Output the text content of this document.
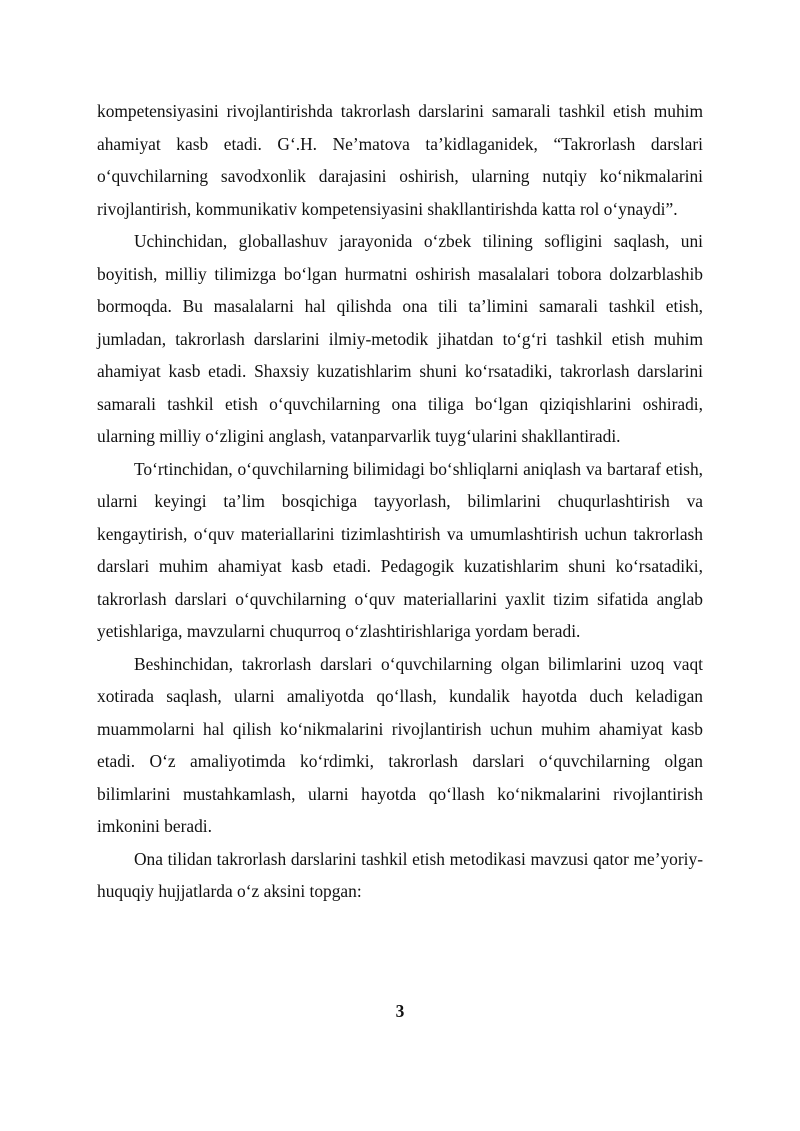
kompetensiyasini rivojlantirishda takrorlash darslarini samarali tashkil etish muhim ahamiyat kasb etadi. G‘.H. Ne’matova ta’kidlaganidek, “Takrorlash darslari o‘quvchilarning savodxonlik darajasini oshirish, ularning nutqiy ko‘nikmalarini rivojlantirish, kommunikativ kompetensiyasini shakllantirishda katta rol o‘ynaydi”.

Uchinchidan, globallashuv jarayonida o‘zbek tilining sofligini saqlash, uni boyitish, milliy tilimizga bo‘lgan hurmatni oshirish masalalari tobora dolzarblashib bormoqda. Bu masalalarni hal qilishda ona tili ta’limini samarali tashkil etish, jumladan, takrorlash darslarini ilmiy-metodik jihatdan to‘g‘ri tashkil etish muhim ahamiyat kasb etadi. Shaxsiy kuzatishlarim shuni ko‘rsatadiki, takrorlash darslarini samarali tashkil etish o‘quvchilarning ona tiliga bo‘lgan qiziqishlarini oshiradi, ularning milliy o‘zligini anglash, vatanparvarlik tuyg‘ularini shakllantiradi.

To‘rtinchidan, o‘quvchilarning bilimidagi bo‘shliqlarni aniqlash va bartaraf etish, ularni keyingi ta’lim bosqichiga tayyorlash, bilimlarini chuqurlashtirish va kengaytirish, o‘quv materiallarini tizimlashtirish va umumlashtirish uchun takrorlash darslari muhim ahamiyat kasb etadi. Pedagogik kuzatishlarim shuni ko‘rsatadiki, takrorlash darslari o‘quvchilarning o‘quv materiallarini yaxlit tizim sifatida anglab yetishlariga, mavzularni chuqurroq o‘zlashtirishlariga yordam beradi.

Beshinchidan, takrorlash darslari o‘quvchilarning olgan bilimlarini uzoq vaqt xotirada saqlash, ularni amaliyotda qo‘llash, kundalik hayotda duch keladigan muammolarni hal qilish ko‘nikmalarini rivojlantirish uchun muhim ahamiyat kasb etadi. O‘z amaliyotimda ko‘rdimki, takrorlash darslari o‘quvchilarning olgan bilimlarini mustahkamlash, ularni hayotda qo‘llash ko‘nikmalarini rivojlantirish imkonini beradi.

Ona tilidan takrorlash darslarini tashkil etish metodikasi mavzusi qator me’yoriy-huquqiy hujjatlarda o‘z aksini topgan:

3
